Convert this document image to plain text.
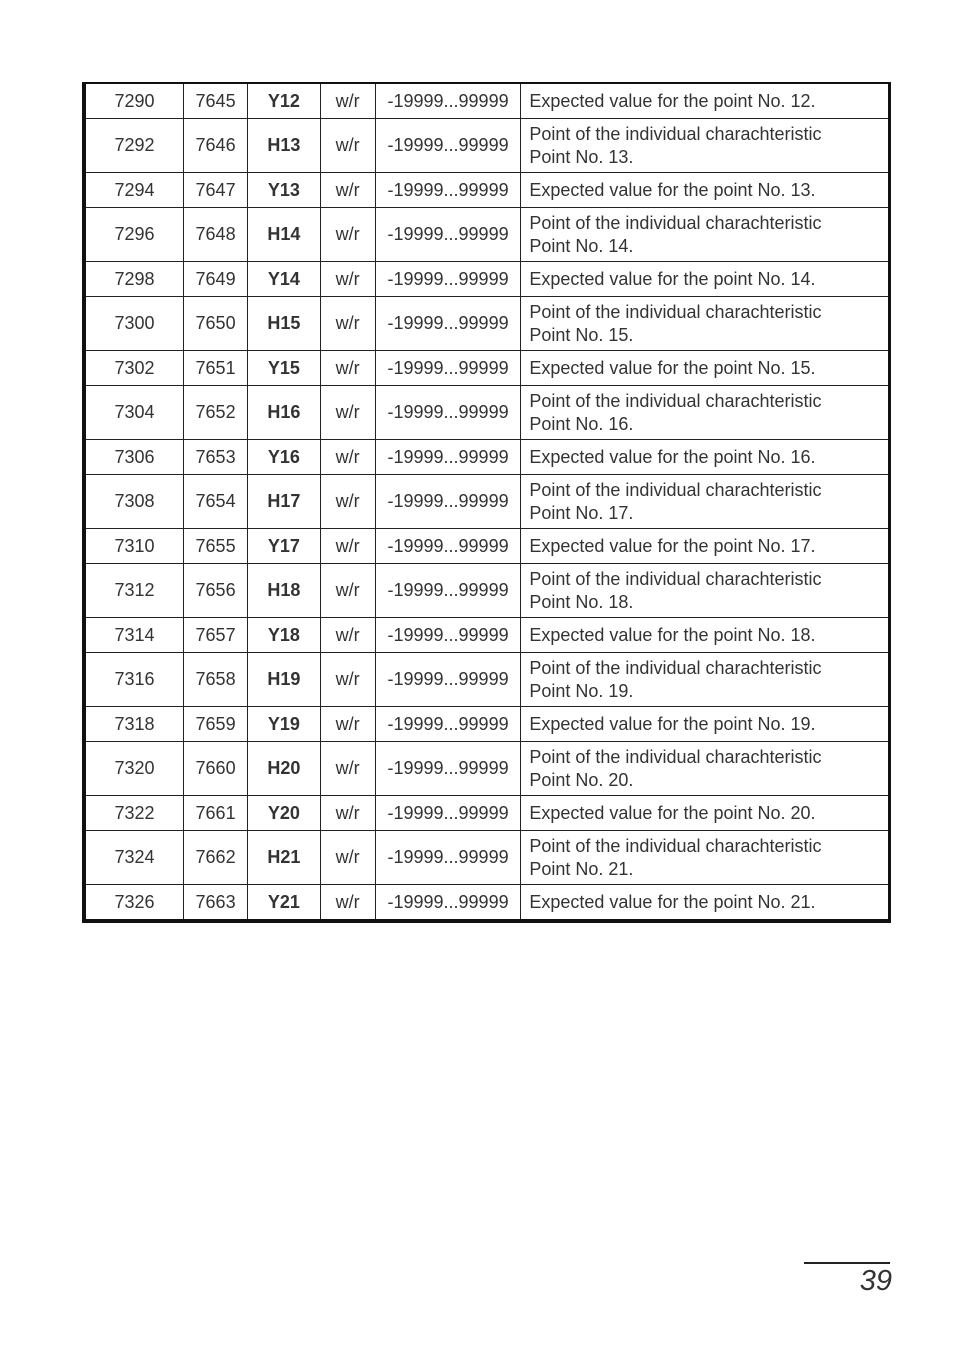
7290	7645	Y12	w/r	-19999...99999	Expected value for the point No. 12.

7292	7646	H13	w/r	-19999...99999	Point of the individual charachteristic
Point No. 13.

7294	7647	Y13	w/r	-19999...99999	Expected value for the point No. 13.

7296	7648	H14	w/r	-19999...99999	Point of the individual charachteristic
Point No. 14.

7298	7649	Y14	w/r	-19999...99999	Expected value for the point No. 14.

7300	7650	H15	w/r	-19999...99999	Point of the individual charachteristic
Point No. 15.

7302	7651	Y15	w/r	-19999...99999	Expected value for the point No. 15.

7304	7652	H16	w/r	-19999...99999	Point of the individual charachteristic
Point No. 16.

7306	7653	Y16	w/r	-19999...99999	Expected value for the point No. 16.

7308	7654	H17	w/r	-19999...99999	Point of the individual charachteristic
Point No. 17.

7310	7655	Y17	w/r	-19999...99999	Expected value for the point No. 17.

7312	7656	H18	w/r	-19999...99999	Point of the individual charachteristic
Point No. 18.

7314	7657	Y18	w/r	-19999...99999	Expected value for the point No. 18.

7316	7658	H19	w/r	-19999...99999	Point of the individual charachteristic
Point No. 19.

7318	7659	Y19	w/r	-19999...99999	Expected value for the point No. 19.

7320	7660	H20	w/r	-19999...99999	Point of the individual charachteristic
Point No. 20.

7322	7661	Y20	w/r	-19999...99999	Expected value for the point No. 20.

7324	7662	H21	w/r	-19999...99999	Point of the individual charachteristic
Point No. 21.

7326	7663	Y21	w/r	-19999...99999	Expected value for the point No. 21.
39
